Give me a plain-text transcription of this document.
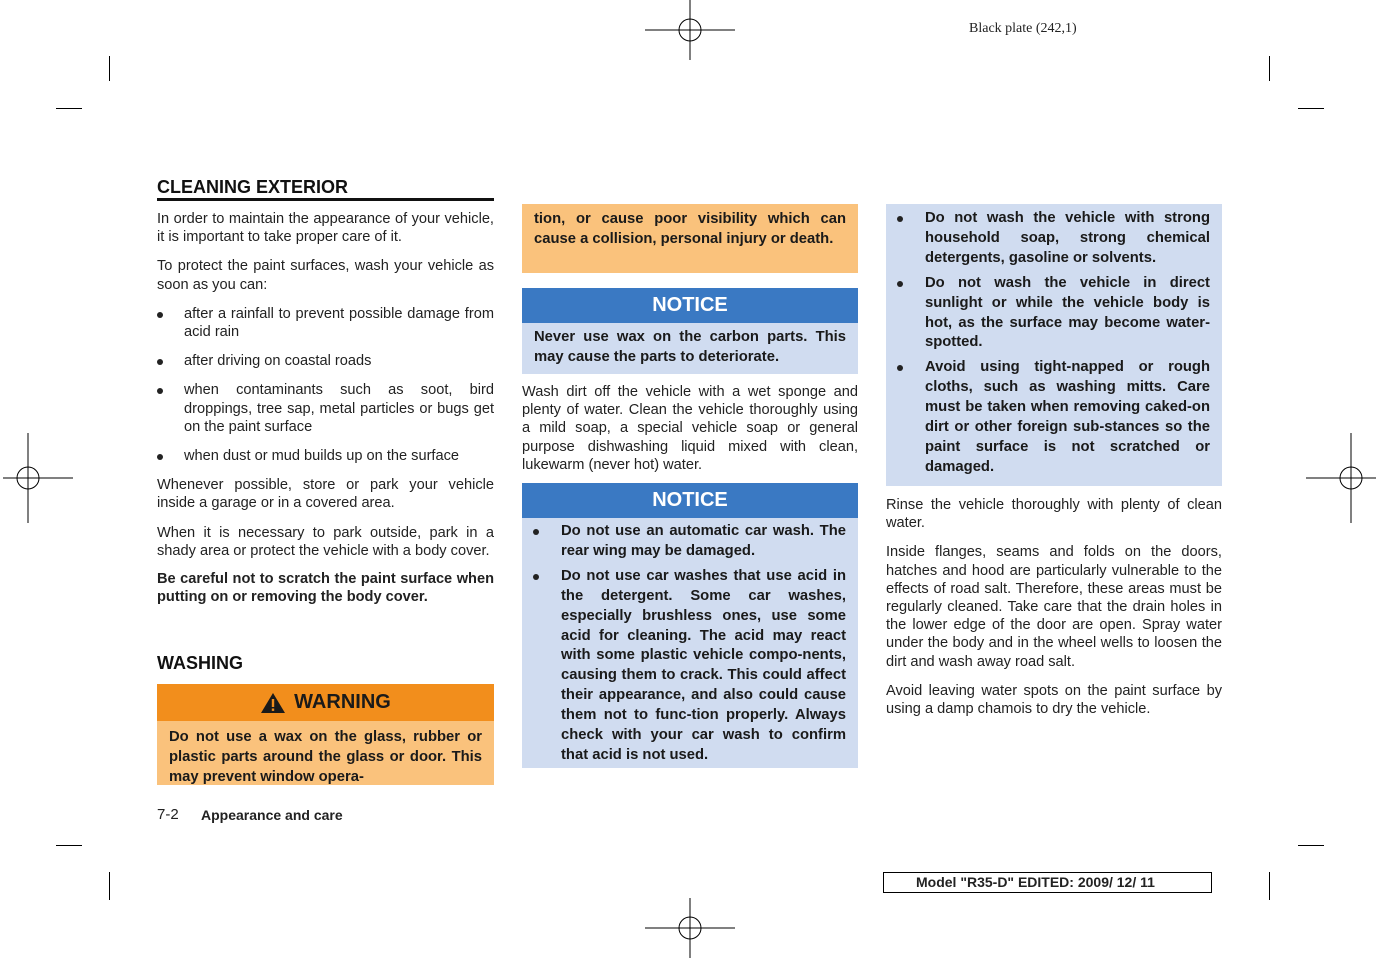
Black plate (242,1)
CLEANING EXTERIOR

In order to maintain the appearance of your vehicle, it is important to take proper care of it.

To protect the paint surfaces, wash your vehicle as soon as you can:

after a rainfall to prevent possible damage from acid rain
after driving on coastal roads
when contaminants such as soot, bird droppings, tree sap, metal particles or bugs get on the paint surface
when dust or mud builds up on the surface

Whenever possible, store or park your vehicle inside a garage or in a covered area.

When it is necessary to park outside, park in a shady area or protect the vehicle with a body cover.

Be careful not to scratch the paint surface when putting on or removing the body cover.

WASHING
WARNING
Do not use a wax on the glass, rubber or plastic parts around the glass or door. This may prevent window opera-
tion, or cause poor visibility which can cause a collision, personal injury or death.
NOTICE
Never use wax on the carbon parts. This may cause the parts to deteriorate.

Wash dirt off the vehicle with a wet sponge and plenty of water. Clean the vehicle thoroughly using a mild soap, a special vehicle soap or general purpose dishwashing liquid mixed with clean, lukewarm (never hot) water.

NOTICE
Do not use an automatic car wash. The rear wing may be damaged.
Do not use car washes that use acid in the detergent. Some car washes, especially brushless ones, use some acid for cleaning. The acid may react with some plastic vehicle compo-nents, causing them to crack. This could affect their appearance, and also could cause them not to func-tion properly. Always check with your car wash to confirm that acid is not used.
Do not wash the vehicle with strong household soap, strong chemical detergents, gasoline or solvents.
Do not wash the vehicle in direct sunlight or while the vehicle body is hot, as the surface may become water-spotted.
Avoid using tight-napped or rough cloths, such as washing mitts. Care must be taken when removing caked-on dirt or other foreign sub-stances so the paint surface is not scratched or damaged.

Rinse the vehicle thoroughly with plenty of clean water.

Inside flanges, seams and folds on the doors, hatches and hood are particularly vulnerable to the effects of road salt. Therefore, these areas must be regularly cleaned. Take care that the drain holes in the lower edge of the door are open. Spray water under the body and in the wheel wells to loosen the dirt and wash away road salt.

Avoid leaving water spots on the paint surface by using a damp chamois to dry the vehicle.

7-2 Appearance and care
Model "R35-D" EDITED: 2009/ 12/ 11
